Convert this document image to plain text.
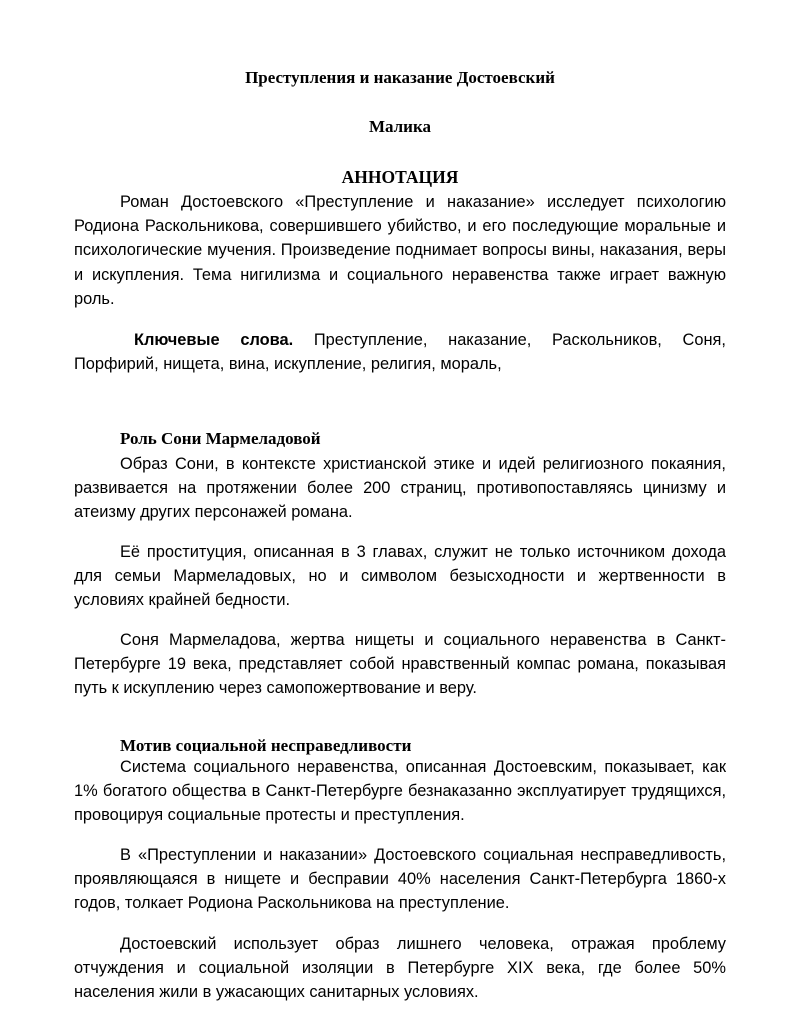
Преступления и наказание Достоевский
Малика
АННОТАЦИЯ

Роман Достоевского «Преступление и наказание» исследует психологию Родиона Раскольникова, совершившего убийство, и его последующие моральные и психологические мучения. Произведение поднимает вопросы вины, наказания, веры и искупления. Тема нигилизма и социального неравенства также играет важную роль.

Ключевые слова. Преступление, наказание, Раскольников, Соня, Порфирий, нищета, вина, искупление, религия, мораль,

Роль Сони Мармеладовой

Образ Сони, в контексте христианской этике и идей религиозного покаяния, развивается на протяжении более 200 страниц, противопоставляясь цинизму и атеизму других персонажей романа.

Её проституция, описанная в 3 главах, служит не только источником дохода для семьи Мармеладовых, но и символом безысходности и жертвенности в условиях крайней бедности.

Соня Мармеладова, жертва нищеты и социального неравенства в Санкт-Петербурге 19 века, представляет собой нравственный компас романа, показывая путь к искуплению через самопожертвование и веру.

Мотив социальной несправедливости

Система социального неравенства, описанная Достоевским, показывает, как 1% богатого общества в Санкт-Петербурге безнаказанно эксплуатирует трудящихся, провоцируя социальные протесты и преступления.

В «Преступлении и наказании» Достоевского социальная несправедливость, проявляющаяся в нищете и бесправии 40% населения Санкт-Петербурга 1860-х годов, толкает Родиона Раскольникова на преступление.

Достоевский использует образ лишнего человека, отражая проблему отчуждения и социальной изоляции в Петербурге XIX века, где более 50% населения жили в ужасающих санитарных условиях.
